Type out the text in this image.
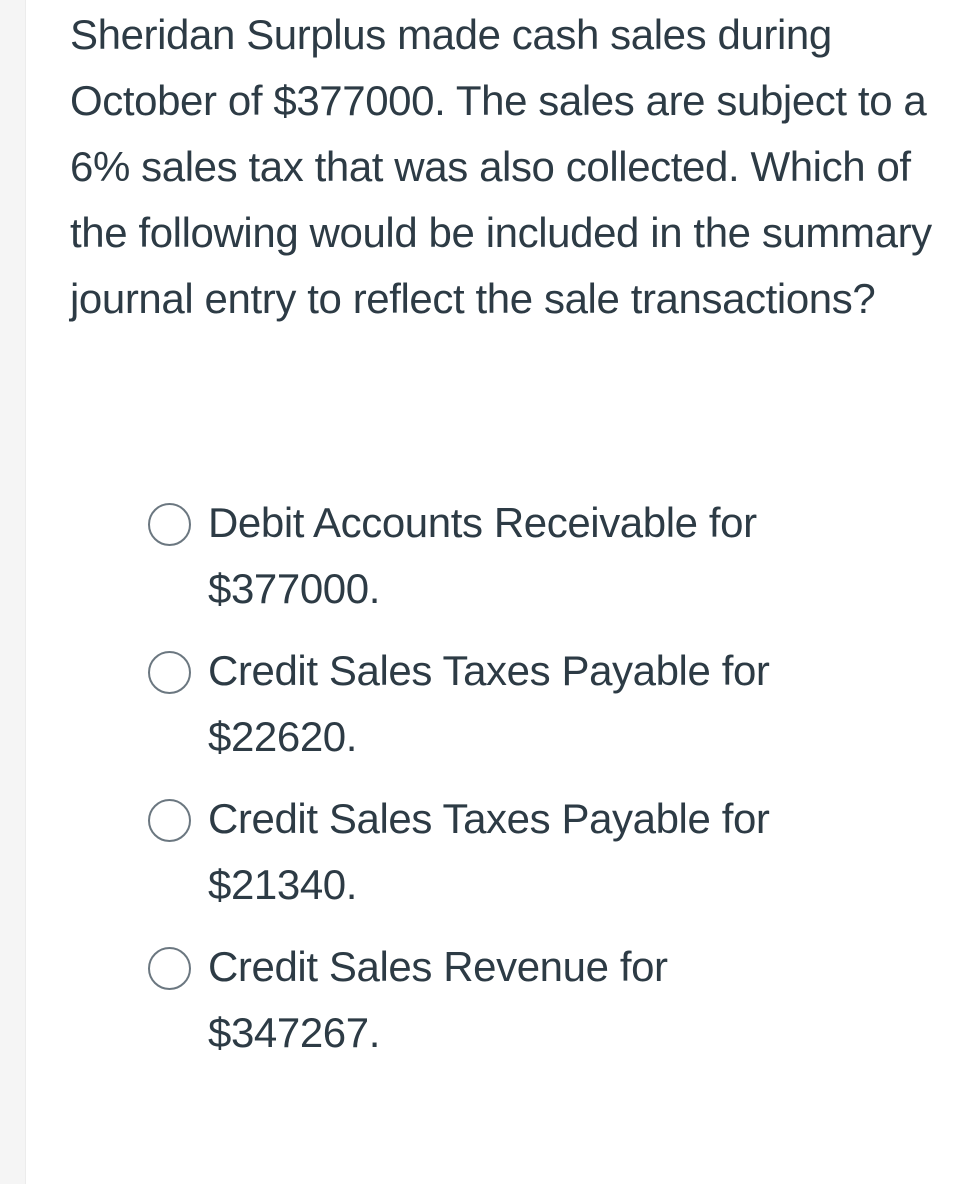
Sheridan Surplus made cash sales during October of $377000. The sales are subject to a 6% sales tax that was also collected. Which of the following would be included in the summary journal entry to reflect the sale transactions?

Debit Accounts Receivable for $377000.
Credit Sales Taxes Payable for $22620.
Credit Sales Taxes Payable for $21340.
Credit Sales Revenue for $347267.
